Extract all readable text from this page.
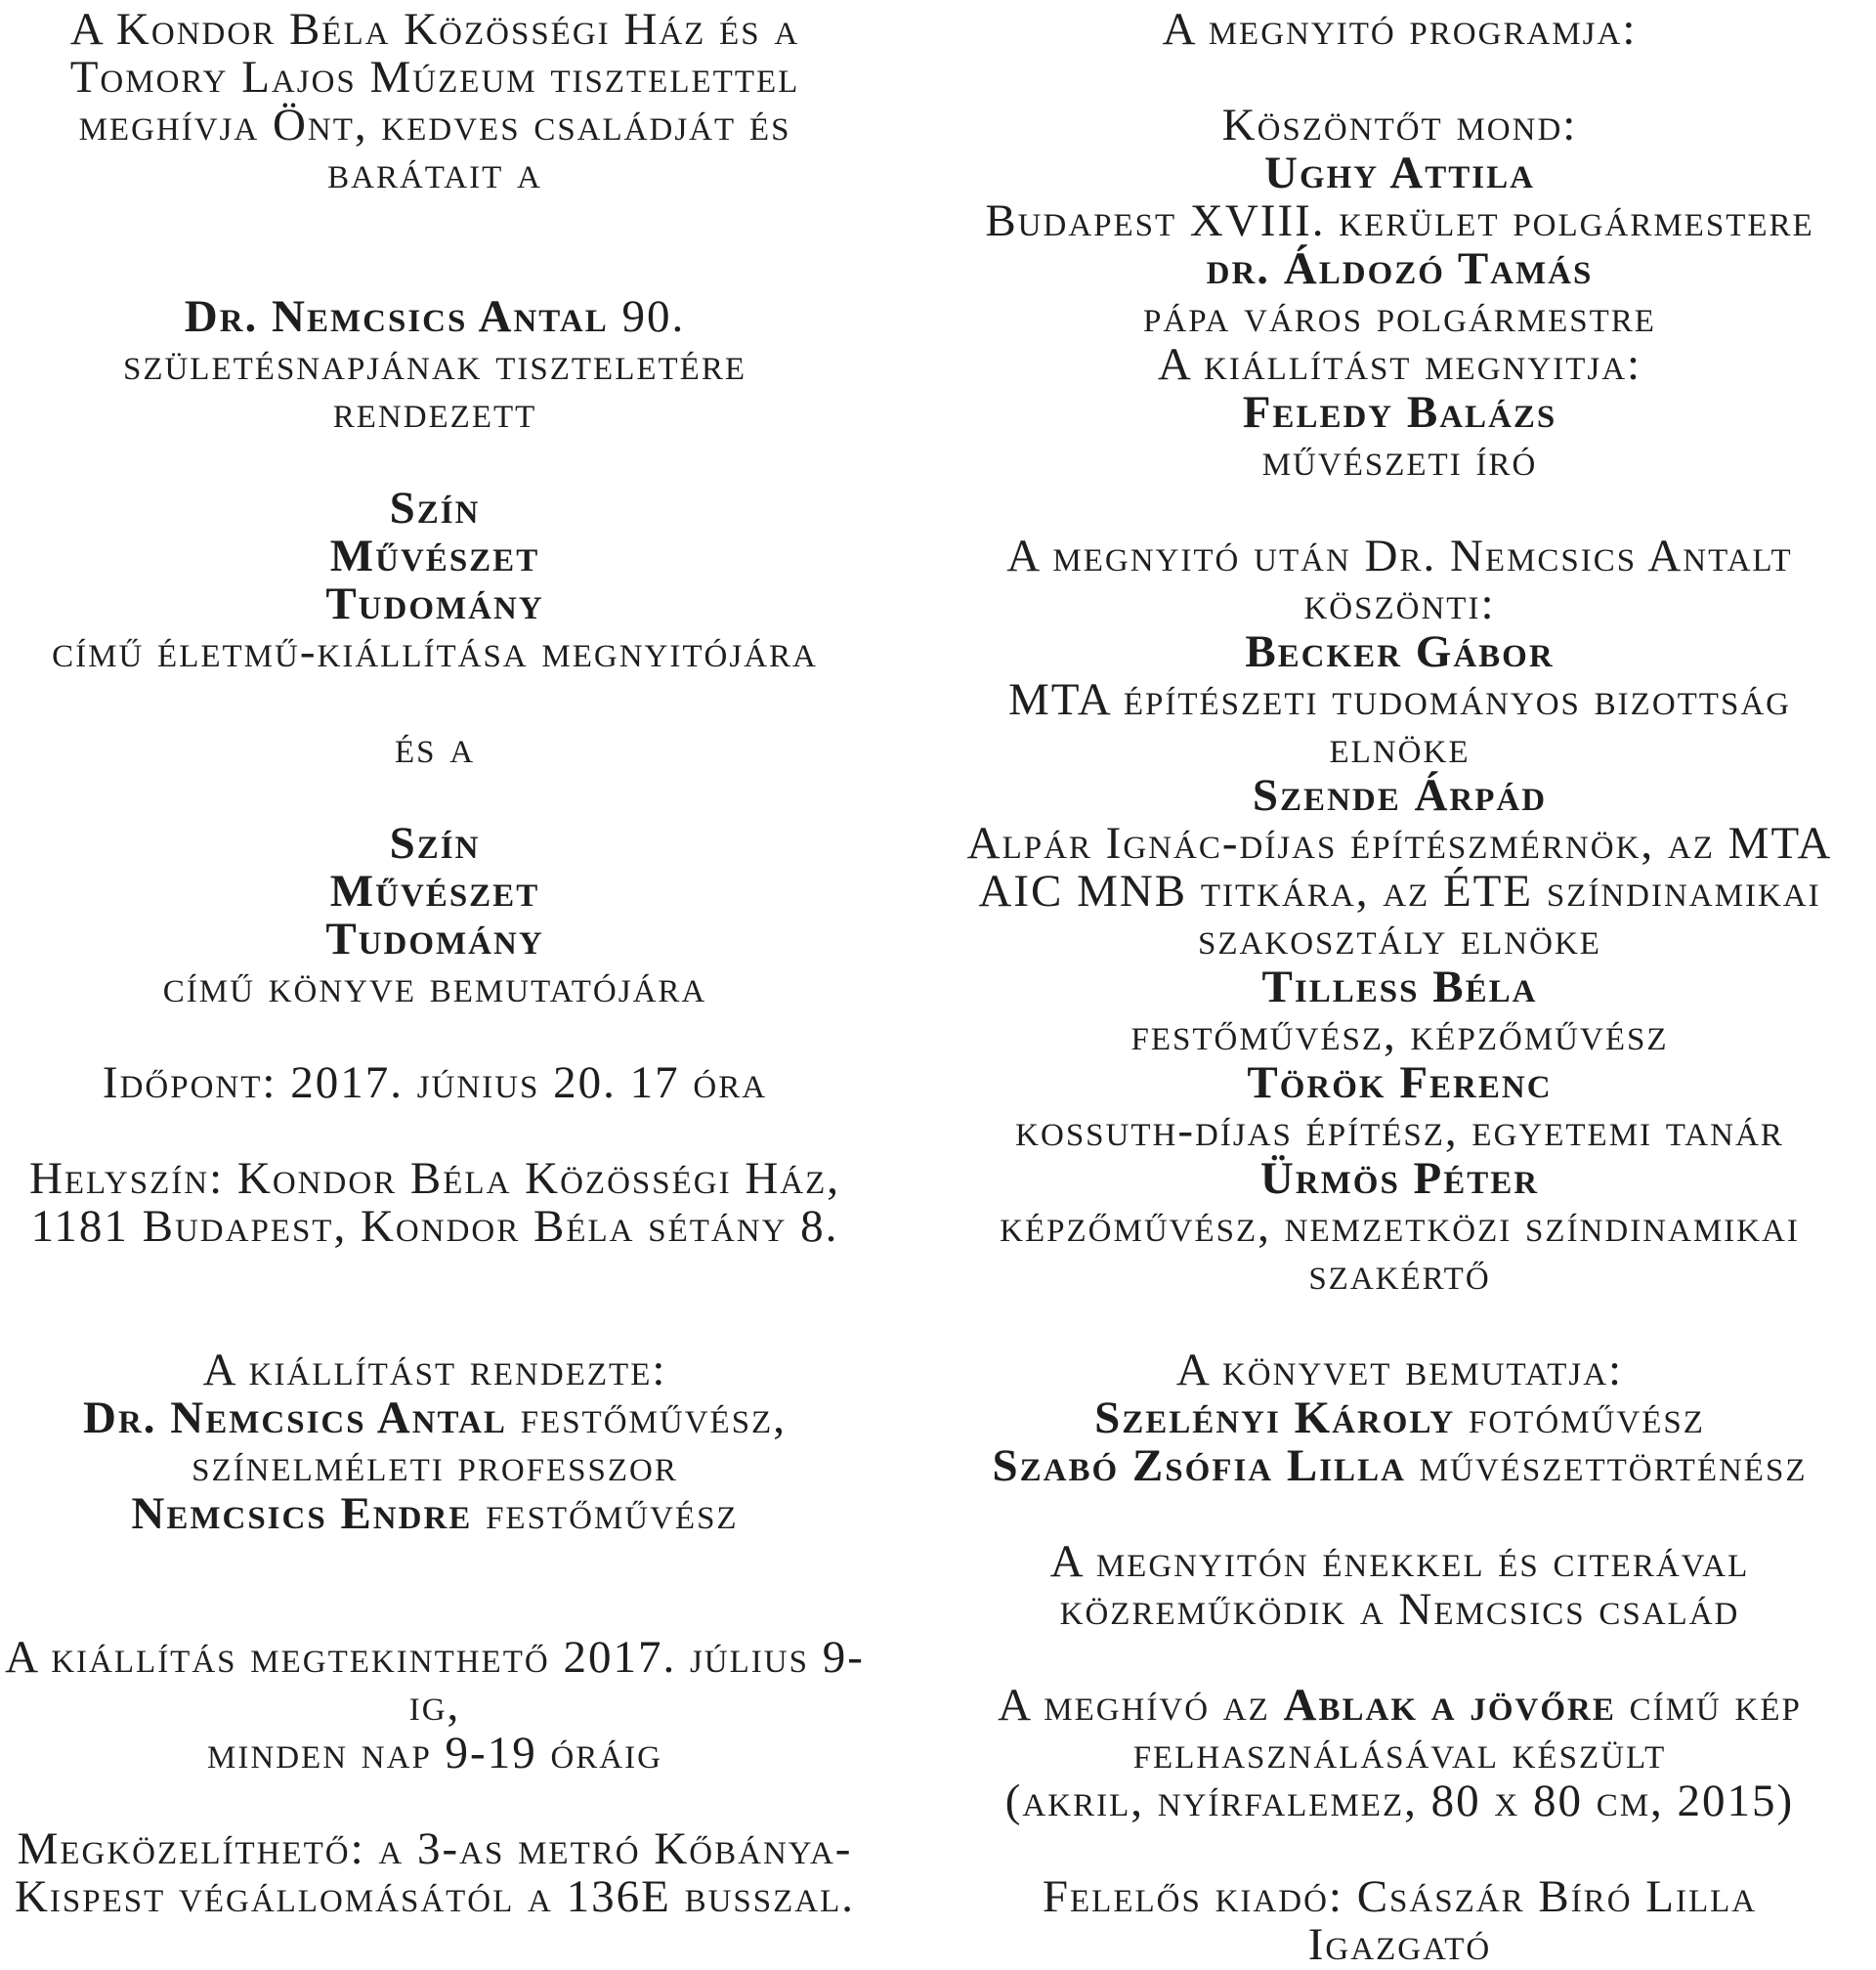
A Kondor Béla Közösségi Ház és a

Tomory Lajos Múzeum tisztelettel

meghívja Önt, kedves családját és

barátait a

Dr. Nemcsics Antal 90.

születésnapjának tiszteletére

rendezett

Szín

Művészet

Tudomány

című életmű-kiállítása megnyitójára

és a

Szín

Művészet

Tudomány

című könyve bemutatójára

Időpont: 2017. június 20. 17 óra

Helyszín: Kondor Béla Közösségi Ház,

1181 Budapest, Kondor Béla sétány 8.

A kiállítást rendezte:

Dr. Nemcsics Antal festőművész,

színelméleti professzor

Nemcsics Endre festőművész

A kiállítás megtekinthető 2017. július 9-ig,

minden nap 9-19 óráig

Megközelíthető: a 3-as metró Kőbánya-

Kispest végállomásától a 136E busszal.

A megnyitó programja:

Köszöntőt mond:

Ughy Attila

Budapest XVIII. kerület polgármestere

dr. Áldozó Tamás

pápa város polgármestre

A kiállítást megnyitja:

Feledy Balázs

művészeti író

A megnyitó után Dr. Nemcsics Antalt

köszönti:

Becker Gábor

MTA építészeti tudományos bizottság

elnöke

Szende Árpád

Alpár Ignác-díjas építészmérnök, az MTA

AIC MNB titkára, az ÉTE színdinamikai

szakosztály elnöke

Tilless Béla

festőművész, képzőművész

Török Ferenc

kossuth-díjas építész, egyetemi tanár

Ürmös Péter

képzőművész, nemzetközi színdinamikai

szakértő

A könyvet bemutatja:

Szelényi Károly fotóművész

Szabó Zsófia Lilla művészettörténész

A megnyitón énekkel és citerával

közreműködik a Nemcsics család

A meghívó az Ablak a jövőre című kép

felhasználásával készült

(akril, nyírfalemez, 80 x 80 cm, 2015)

Felelős kiadó: Császár Bíró Lilla Igazgató
